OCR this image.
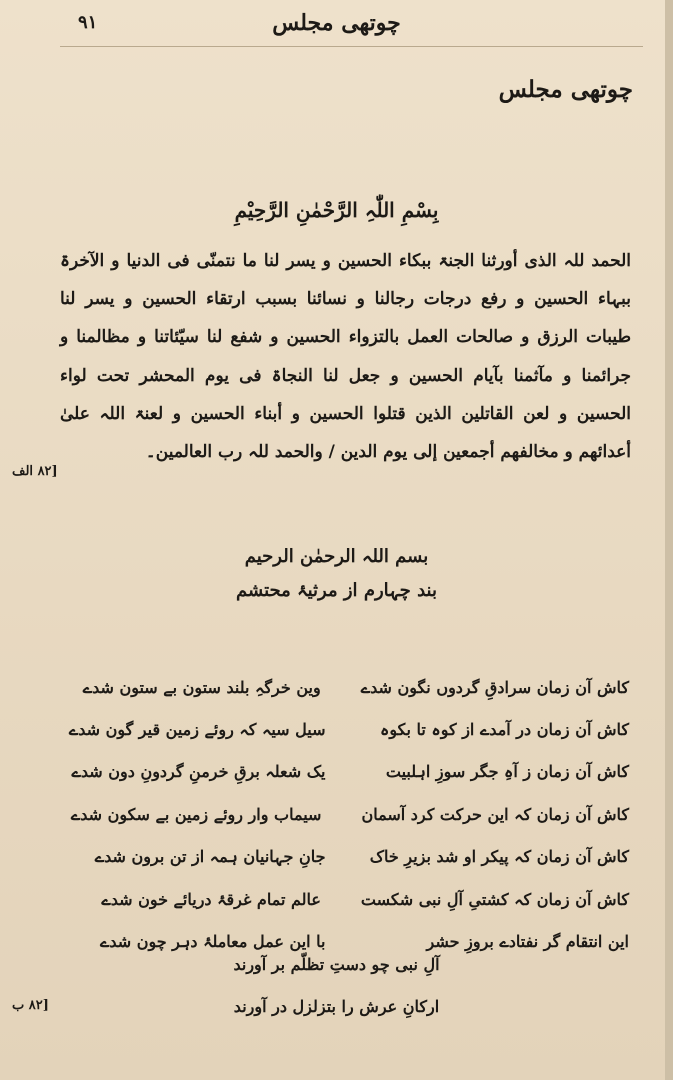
٩١	چوتھی مجلس
چوتھی مجلس
بِسْمِ اللّٰہِ الرَّحْمٰنِ الرَّحِیْمِ
الحمد للہ الذی أورثنا الجنۃ ببکاء الحسین و یسر لنا ما نتمنّی فی الدنیا و الآخرۃ ببہاء الحسین و رفع درجات رجالنا و نسائنا بسبب ارتقاء الحسین و یسر لنا طیبات الرزق و صالحات العمل بالتزواء الحسین و شفع لنا سیّئاتنا و مظالمنا و جرائمنا و مآثمنا بآیام الحسین و جعل لنا النجاۃ فی یوم المحشر تحت لواء الحسین و لعن القاتلین الذین قتلوا الحسین و أبناء الحسین و لعنۃ اللہ علیٰ أعدائھم و مخالفھم أجمعین إلی یوم الدین / والحمد للہ رب العالمین۔
[۸۲ الف
بسم اللہ الرحمٰن الرحیم
بند چہارم از مرثیۂ محتشم
کاش آن زمان سرادقِ گردوں نگون شدے
وین خرگہِ بلند ستون بے ستون شدے
کاش آن زمان در آمدے از کوہ تا بکوہ
سیل سیہ کہ روئے زمین قیر گون شدے
کاش آن زمان ز آہِ جگر سوزِ اہلبیت
یک شعلہ برقِ خرمنِ گردونِ دون شدے
کاش آن زمان کہ این حرکت کرد آسمان
سیماب وار روئے زمین بے سکون شدے
کاش آن زمان کہ پیکر او شد بزیرِ خاک
جانِ جہانیان ہمہ از تن برون شدے
کاش آن زمان کہ کشتیِ آلِ نبی شکست
عالم تمام غرقۂ دریائے خون شدے
این انتقام گر نفتادے بروزِ حشر
با این عمل معاملۂ دہر چون شدے
آلِ نبی چو دستِ تظلّم بر آورند
ارکانِ عرش را بتزلزل در آورند
[۸۲ ب
